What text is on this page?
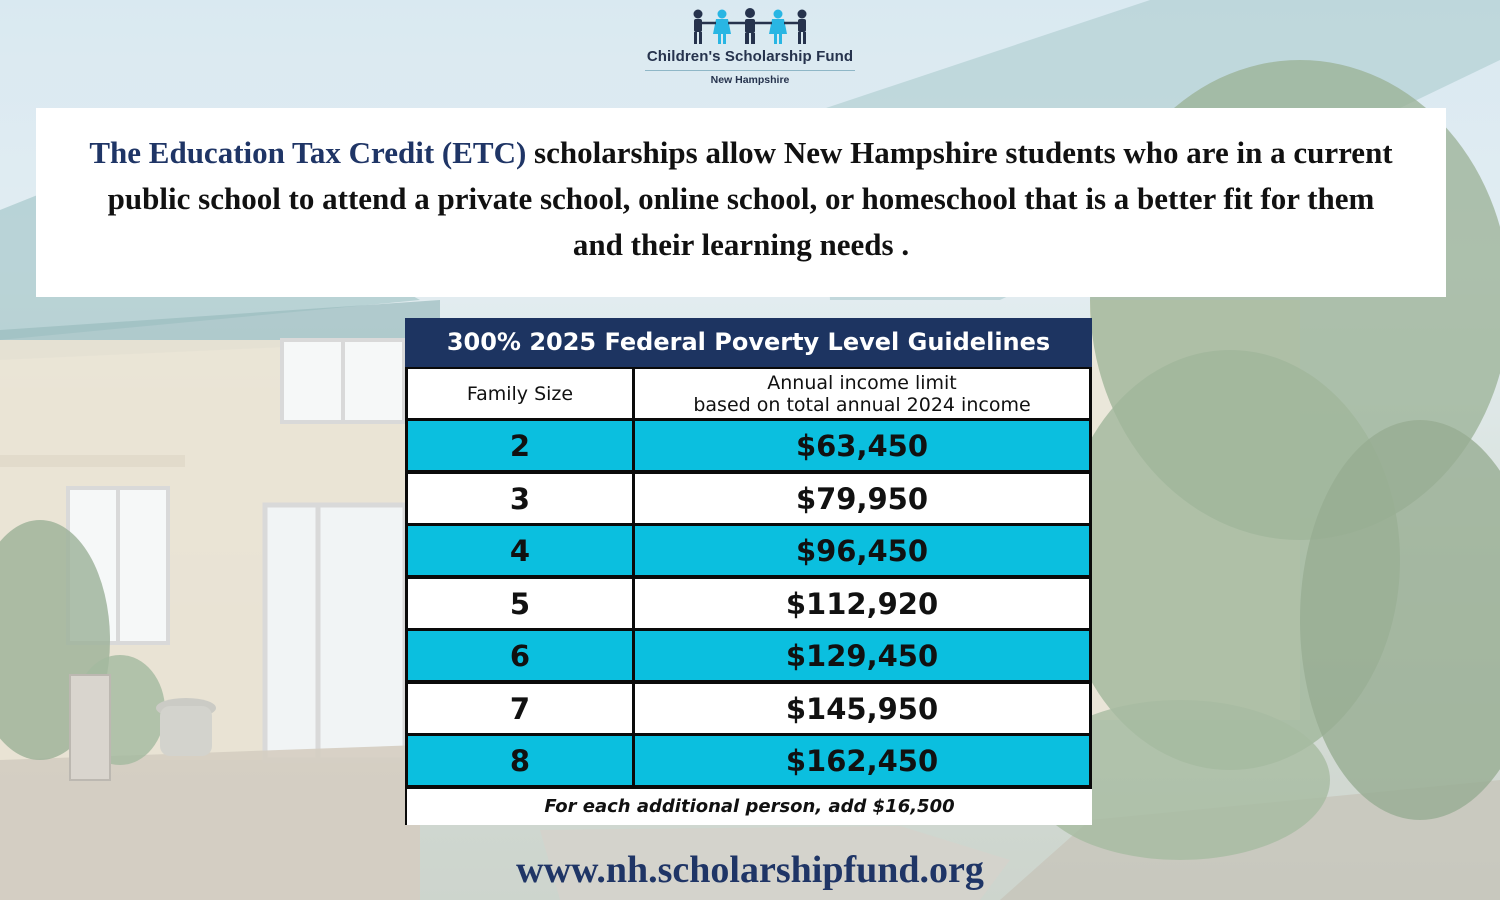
Children's Scholarship Fund
New Hampshire
The Education Tax Credit (ETC) scholarships allow New Hampshire students who are in a current public school to attend a private school, online school, or homeschool that is a better fit for them and their learning needs .
300% 2025 Federal Poverty Level Guidelines
Family Size	Annual income limit
based on total annual 2024 income
2	$63,450
3	$79,950
4	$96,450
5	$112,920
6	$129,450
7	$145,950
8	$162,450
For each additional person, add $16,500
www.nh.scholarshipfund.org
